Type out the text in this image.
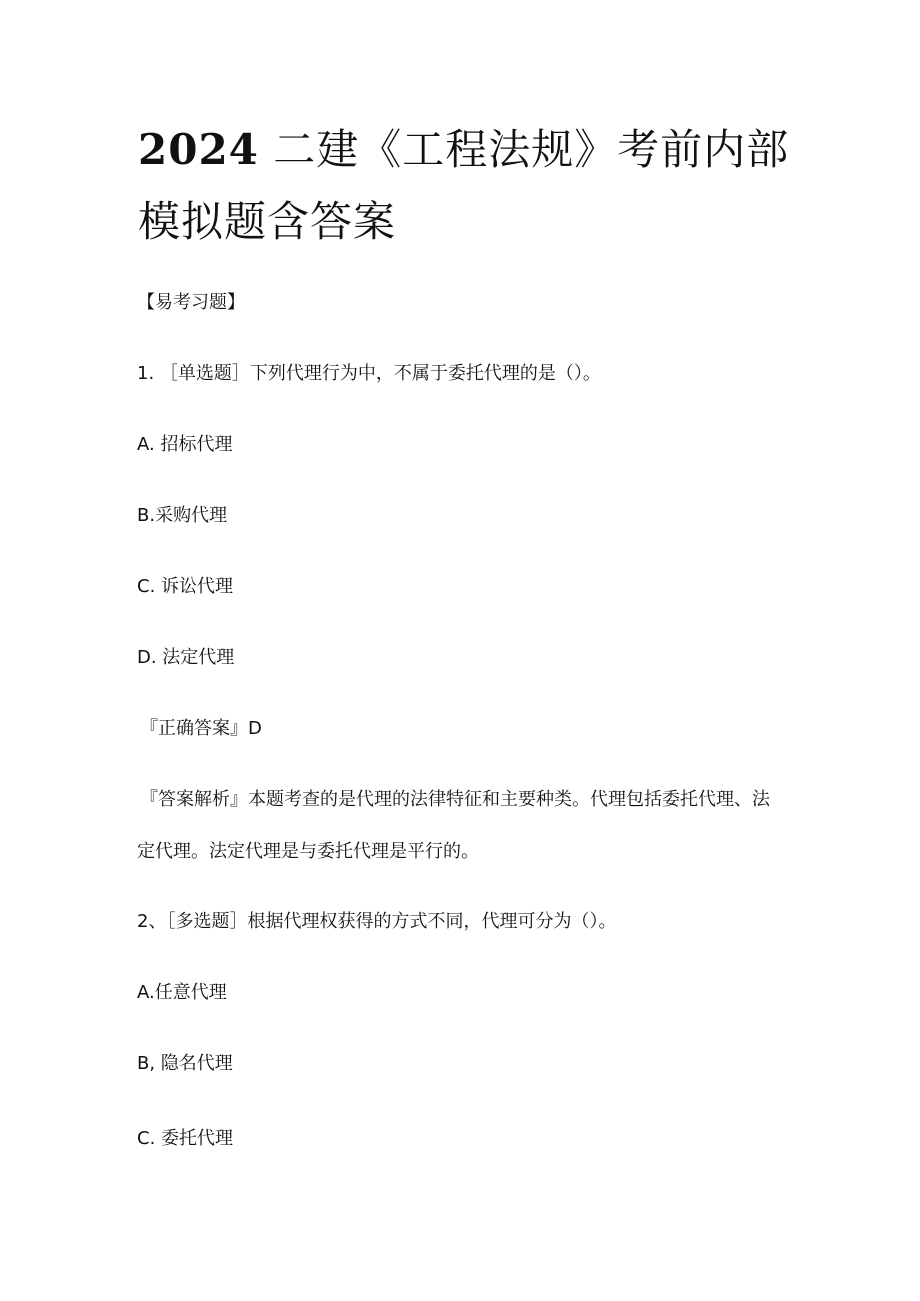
2024 二建《工程法规》考前内部模拟题含答案

【易考习题】

1. ［单选题］下列代理行为中，不属于委托代理的是（）。

A. 招标代理

B.采购代理

C. 诉讼代理

D. 法定代理

『正确答案』D

『答案解析』本题考查的是代理的法律特征和主要种类。代理包括委托代理、法定代理。法定代理是与委托代理是平行的。

2、［多选题］根据代理权获得的方式不同，代理可分为（）。

A.任意代理

B, 隐名代理

C. 委托代理
